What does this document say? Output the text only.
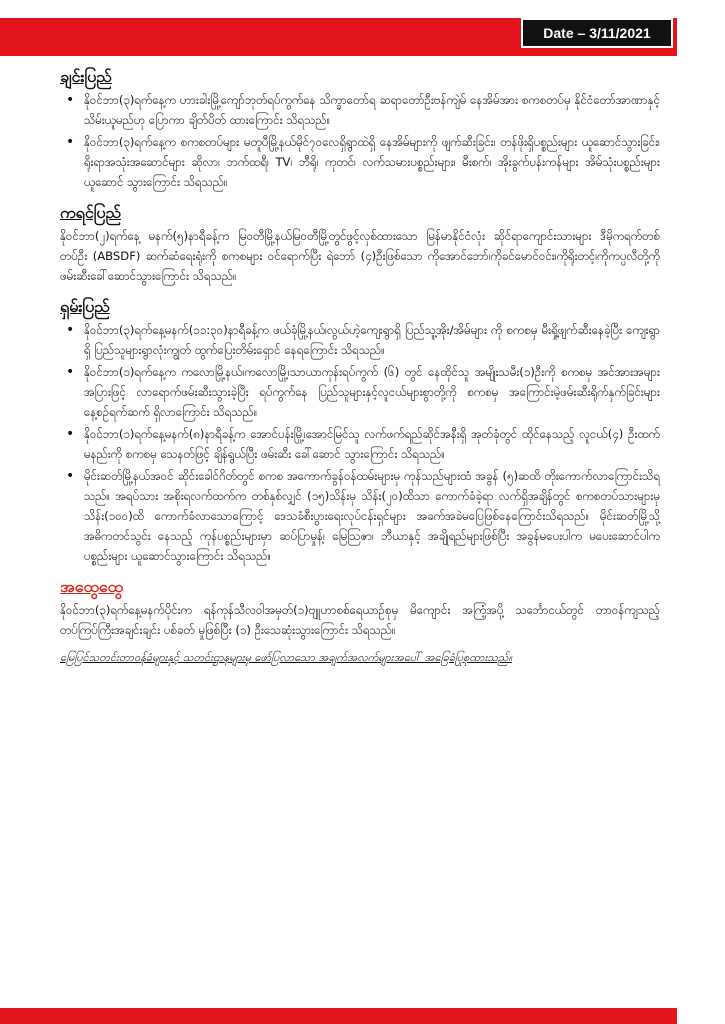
Date – 3/11/2021
ချင်းပြည်
• နိုဝင်ဘာ(၃)ရက်နေ့က ဟားခါးမြို့ကျော်ဘုတ်ရပ်ကွက်နေ သိက္ခာတော်ရ ဆရာတော်ဦးဗန်ကျဲမ် နေအိမ်အား စကစတပ်မှ နိုင်ငံတော်အာဏာနှင့်သိမ်းယူမည်ဟု ပြောကာ ချိတ်ပိတ် ထားကြောင်း သိရသည်။
• နိုဝင်ဘာ(၃)ရက်နေ့က စကစတပ်များ မတူပီမြို့နယ်မိုင်၇၀လေရှိရွာထဲရှိ နေအိမ်များကို ဖျက်ဆီးခြင်း၊ တန်ဖိုးရှိပစ္စည်းများ ယူဆောင်သွားခြင်း၊ ရိုးရာအသုံးအဆောင်များ ဆိုလာ၊ ဘက်ထရီ၊ TV၊ ဘီရို၊ ကုတင်၊ လက်သမားပစ္စည်းများ၊ မီးစက်၊ အိုးခွက်ပန်းကန်များ အိမ်သုံးပစ္စည်းများ ယူဆောင် သွားကြောင်း သိရသည်။
ကရင်ပြည်

နိုဝင်ဘာ(၂)ရက်နေ့ မနက်(၅)နာရီခန့်က မြဝတီမြို့နယ်မြဝတီမြို့တွင်ဖွင့်လှစ်ထားသော မြန်မာနိုင်ငံလုံး ဆိုင်ရာကျောင်းသားများ ဒီမိုကရက်တစ်တပ်ဦး (ABSDF) ဆက်ဆံရေးရုံးကို စကစများ ဝင်ရောက်ပြီး ရဲဘော် (၄)ဦးဖြစ်သော ကိုအောင်ဘော်၊ကိုခင်မောင်ဝင်း၊ကိုရိုးတင့်၊ကိုကပ္ပလီတို့ကို ဖမ်းဆီးခေါ်ဆောင်သွားကြောင်း သိရသည်။

ရှမ်းပြည်
• နိုဝင်ဘာ(၃)ရက်နေ့မနက်(၁၁:၃၀)နာရီခန့်က ဖယ်ခုံမြို့နယ်၊လွယ်ဟဲ့ကျေးရွာရှိ ပြည်သူ့အိုး/အိမ်များ ကို စကစမှ မီးရှို့ဖျက်ဆီးနေခဲ့ပြီး ကျေးရွာရှိ ပြည်သူများရွာလုံးကျွတ် ထွက်ပြေးတိမ်းရှောင် နေရကြောင်း သိရသည်။
• နိုဝင်ဘာ(၁)ရက်နေ့က ကလောမြို့နယ်၊ကလောမြို့၊သာယာကုန်းရပ်ကွက် (၆) တွင် နေထိုင်သူ အမျိုးသမီး(၁)ဦးကို စကစမှ အင်အားအများအပြားဖြင့် လာရောက်ဖမ်းဆီးသွားခဲ့ပြီး ရပ်ကွက်နေ ပြည်သူများနှင့်လူငယ်များစွာတို့ကို စကစမှ အကြောင်းမဲ့ဖမ်းဆီးရိုက်နှက်ခြင်းများ နေ့စဉ်ရက်ဆက် ရှိလာကြောင်း သိရသည်။
• နိုဝင်ဘာ(၁)ရက်နေ့မနက်(၈)နာရီခန့်က အောင်ပန်းမြို့၊အောင်မြင်သူ လက်ဖက်ရည်ဆိုင်အနီးရှိ အုတ်ခုံတွင် ထိုင်နေသည့် လူငယ်(၄) ဦးထက်မနည်းကို စကစမှ သေနတ်ဖြင့် ချိန်ရွယ်ပြီး ဖမ်းဆီး ခေါ်ဆောင် သွားကြောင်း သိရသည်။
• မိုင်းဆတ်မြို့နယ်အဝင် ဆိုင်းခေါင်ဂိတ်တွင် စကစ အကောက်ခွန်ဝန်ထမ်းများမှ ကုန်သည်များထံ အခွန် (၅)ဆထိ တိုးကောက်လာကြောင်းသိရသည်။ အရပ်သား အစိုးရလက်ထက်က တစ်နှစ်လျှင် (၁၅)သိန်းမှ သိန်း(၂၀)ထိသာ ကောက်ခံခဲ့ရာ လက်ရှိအချိန်တွင် စကစတပ်သားများမှ သိန်း(၁၀၀)ထိ ကောက်ခံလာသောကြောင့် ဒေသခံစီးပွားရေးလုပ်ငန်းရှင်များ အခက်အခဲမပြေဖြစ်နေကြောင်းသိရသည်။ မိုင်းဆတ်မြို့သို့ အဓိကတင်သွင်း နေသည့် ကုန်ပစ္စည်းများမှာ ဆပ်ပြာမှုန့်၊ မြေသြဇာ၊ ဘီယာနှင့် အချိုရည်များဖြစ်ပြီး အခွန်မပေးပါက မပေးဆောင်ပါက ပစ္စည်းများ ယူဆောင်သွားကြောင်း သိရသည်။
အထွေထွေ

နိုဝင်ဘာ(၃)ရက်နေ့မနက်ပိုင်းက ရန်ကုန်သီလဝါအမှတ်(၁)ဗျူဟာစစ်ရေယာဉ်စုမှ မိကျောင်း အကြံ့အပို့ သင်္ဘောငယ်တွင် တာဝန်ကျသည့် တပ်ကြပ်ကြီးအချင်းချင်း ပစ်ခတ် မှုဖြစ်ပြီး (၁) ဦးသေဆုံးသွားကြောင်း သိရသည်။

မြေပြင်သတင်းတာဝန်ခံများနှင့် သတင်းဌာနများမှ ဖော်ပြလာသော အချက်အလက်များအပေါ် အခြေခံပြုစုထားသည်။
